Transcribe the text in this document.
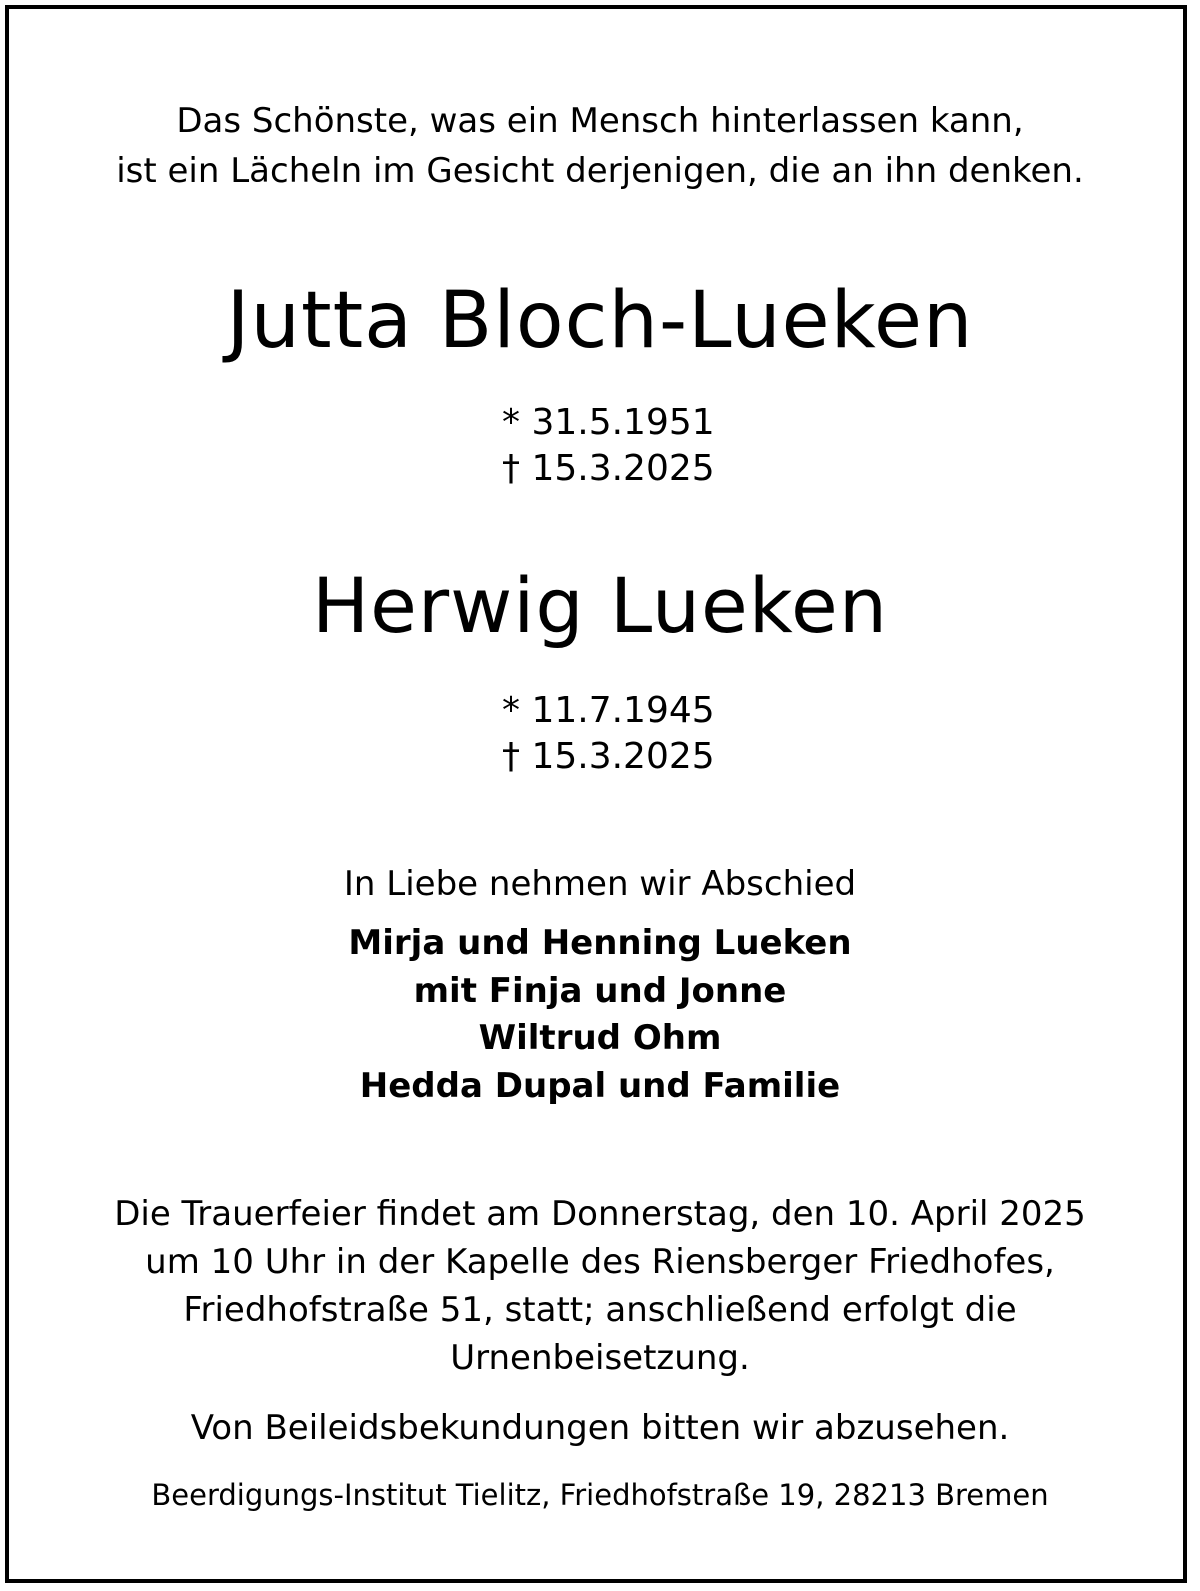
Das Schönste, was ein Mensch hinterlassen kann,
ist ein Lächeln im Gesicht derjenigen, die an ihn denken.
Jutta Bloch-Lueken
* 31.5.1951
† 15.3.2025
Herwig Lueken
* 11.7.1945
† 15.3.2025
In Liebe nehmen wir Abschied
Mirja und Henning Lueken
mit Finja und Jonne
Wiltrud Ohm
Hedda Dupal und Familie
Die Trauerfeier findet am Donnerstag, den 10. April 2025
um 10 Uhr in der Kapelle des Riensberger Friedhofes,
Friedhofstraße 51, statt; anschließend erfolgt die
Urnenbeisetzung.
Von Beileidsbekundungen bitten wir abzusehen.
Beerdigungs-Institut Tielitz, Friedhofstraße 19, 28213 Bremen
